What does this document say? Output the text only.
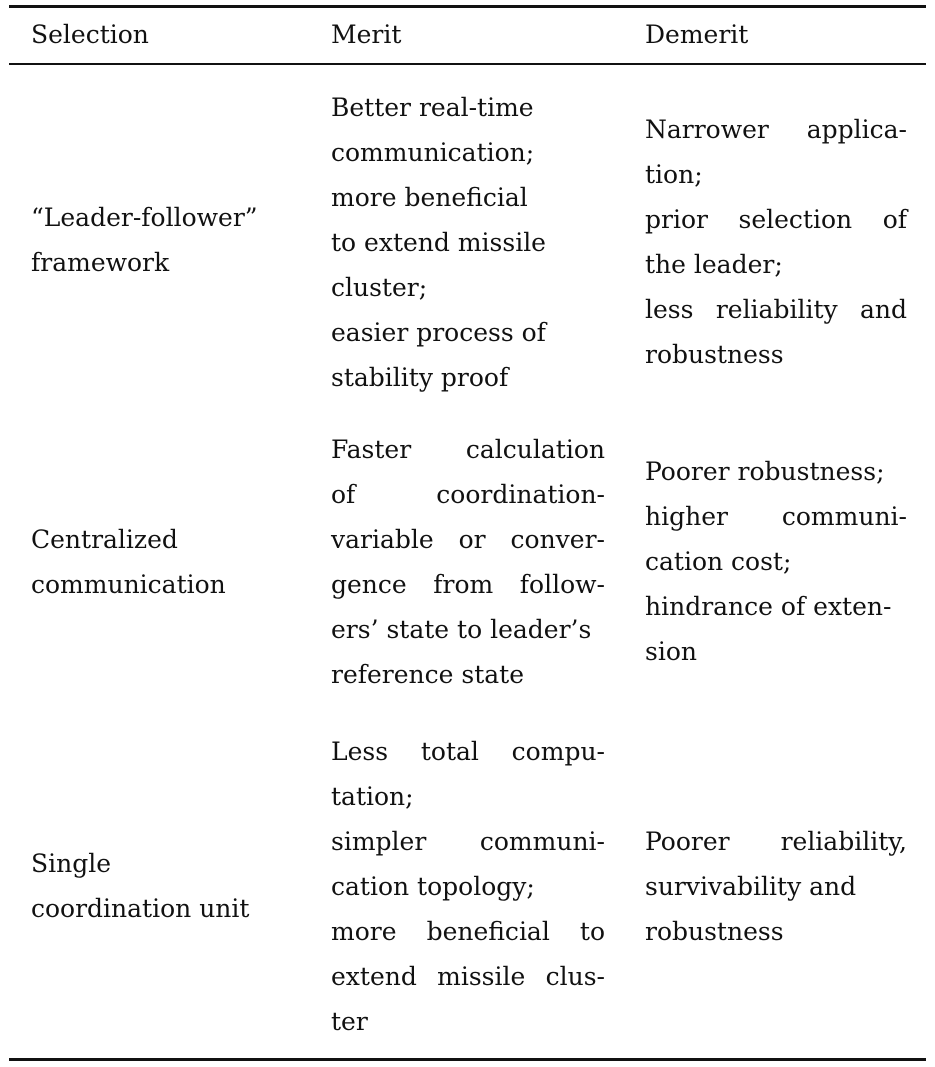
Selection	Merit	Demerit
“Leader-follower”
framework
Better real-time
communication;
more beneficial
to extend missile
cluster;
easier process of
stability proof
Narrower applica-
tion;
prior selection of
the leader;
less reliability and
robustness
Centralized
communication
Faster calculation
of coordination-
variable or conver-
gence from follow-
ers’ state to leader’s
reference state
Poorer robustness;
higher communi-
cation cost;
hindrance of exten-
sion
Single
coordination unit
Less total compu-
tation;
simpler communi-
cation topology;
more beneficial to
extend missile clus-
ter
Poorer reliability,
survivability and
robustness
